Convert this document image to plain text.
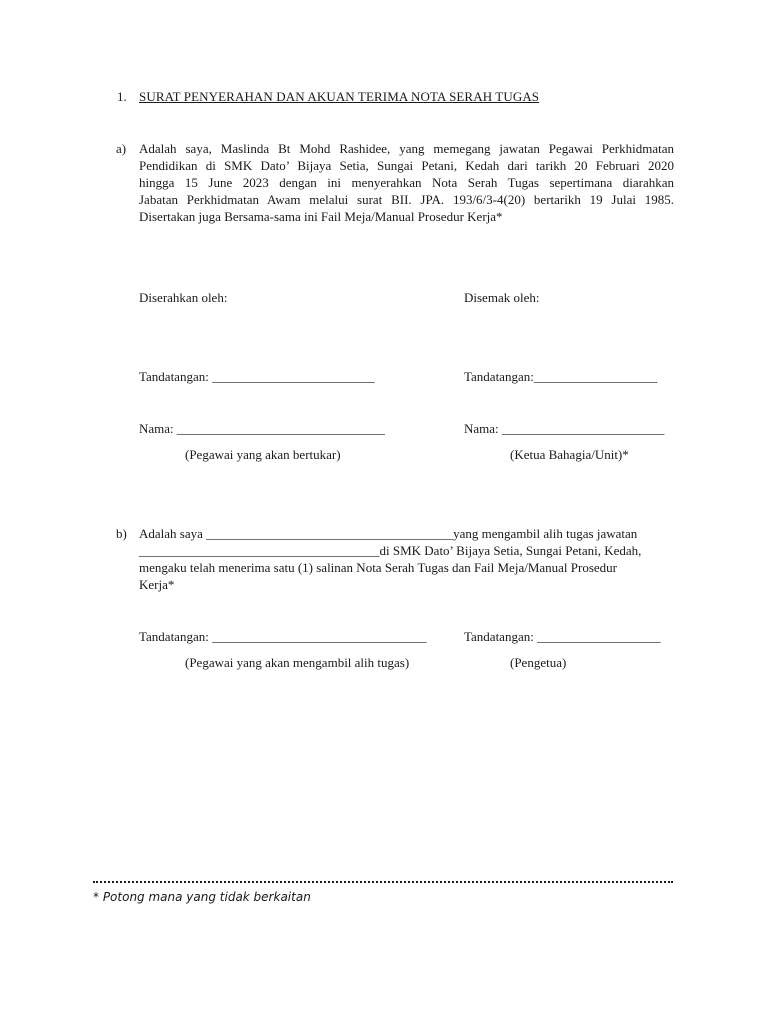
1. SURAT PENYERAHAN DAN AKUAN TERIMA NOTA SERAH TUGAS
a) Adalah saya, Maslinda Bt Mohd Rashidee, yang memegang jawatan Pegawai Perkhidmatan
Pendidikan di SMK Dato’ Bijaya Setia, Sungai Petani, Kedah dari tarikh 20 Februari 2020
hingga 15 June 2023 dengan ini menyerahkan Nota Serah Tugas sepertimana diarahkan
Jabatan Perkhidmatan Awam melalui surat BII. JPA. 193/6/3-4(20) bertarikh 19 Julai 1985.
Disertakan juga Bersama-sama ini Fail Meja/Manual Prosedur Kerja*
Diserahkan oleh:	Disemak oleh:
Tandatangan: _________________________	Tandatangan:___________________
Nama: ________________________________	Nama: _________________________
(Pegawai yang akan bertukar)	(Ketua Bahagia/Unit)*
b) Adalah saya ______________________________________yang mengambil alih tugas jawatan
_____________________________________di SMK Dato’ Bijaya Setia, Sungai Petani, Kedah,
mengaku telah menerima satu (1) salinan Nota Serah Tugas dan Fail Meja/Manual Prosedur
Kerja*
Tandatangan: _________________________________	Tandatangan: ___________________
(Pegawai yang akan mengambil alih tugas)	(Pengetua)
* Potong mana yang tidak berkaitan
